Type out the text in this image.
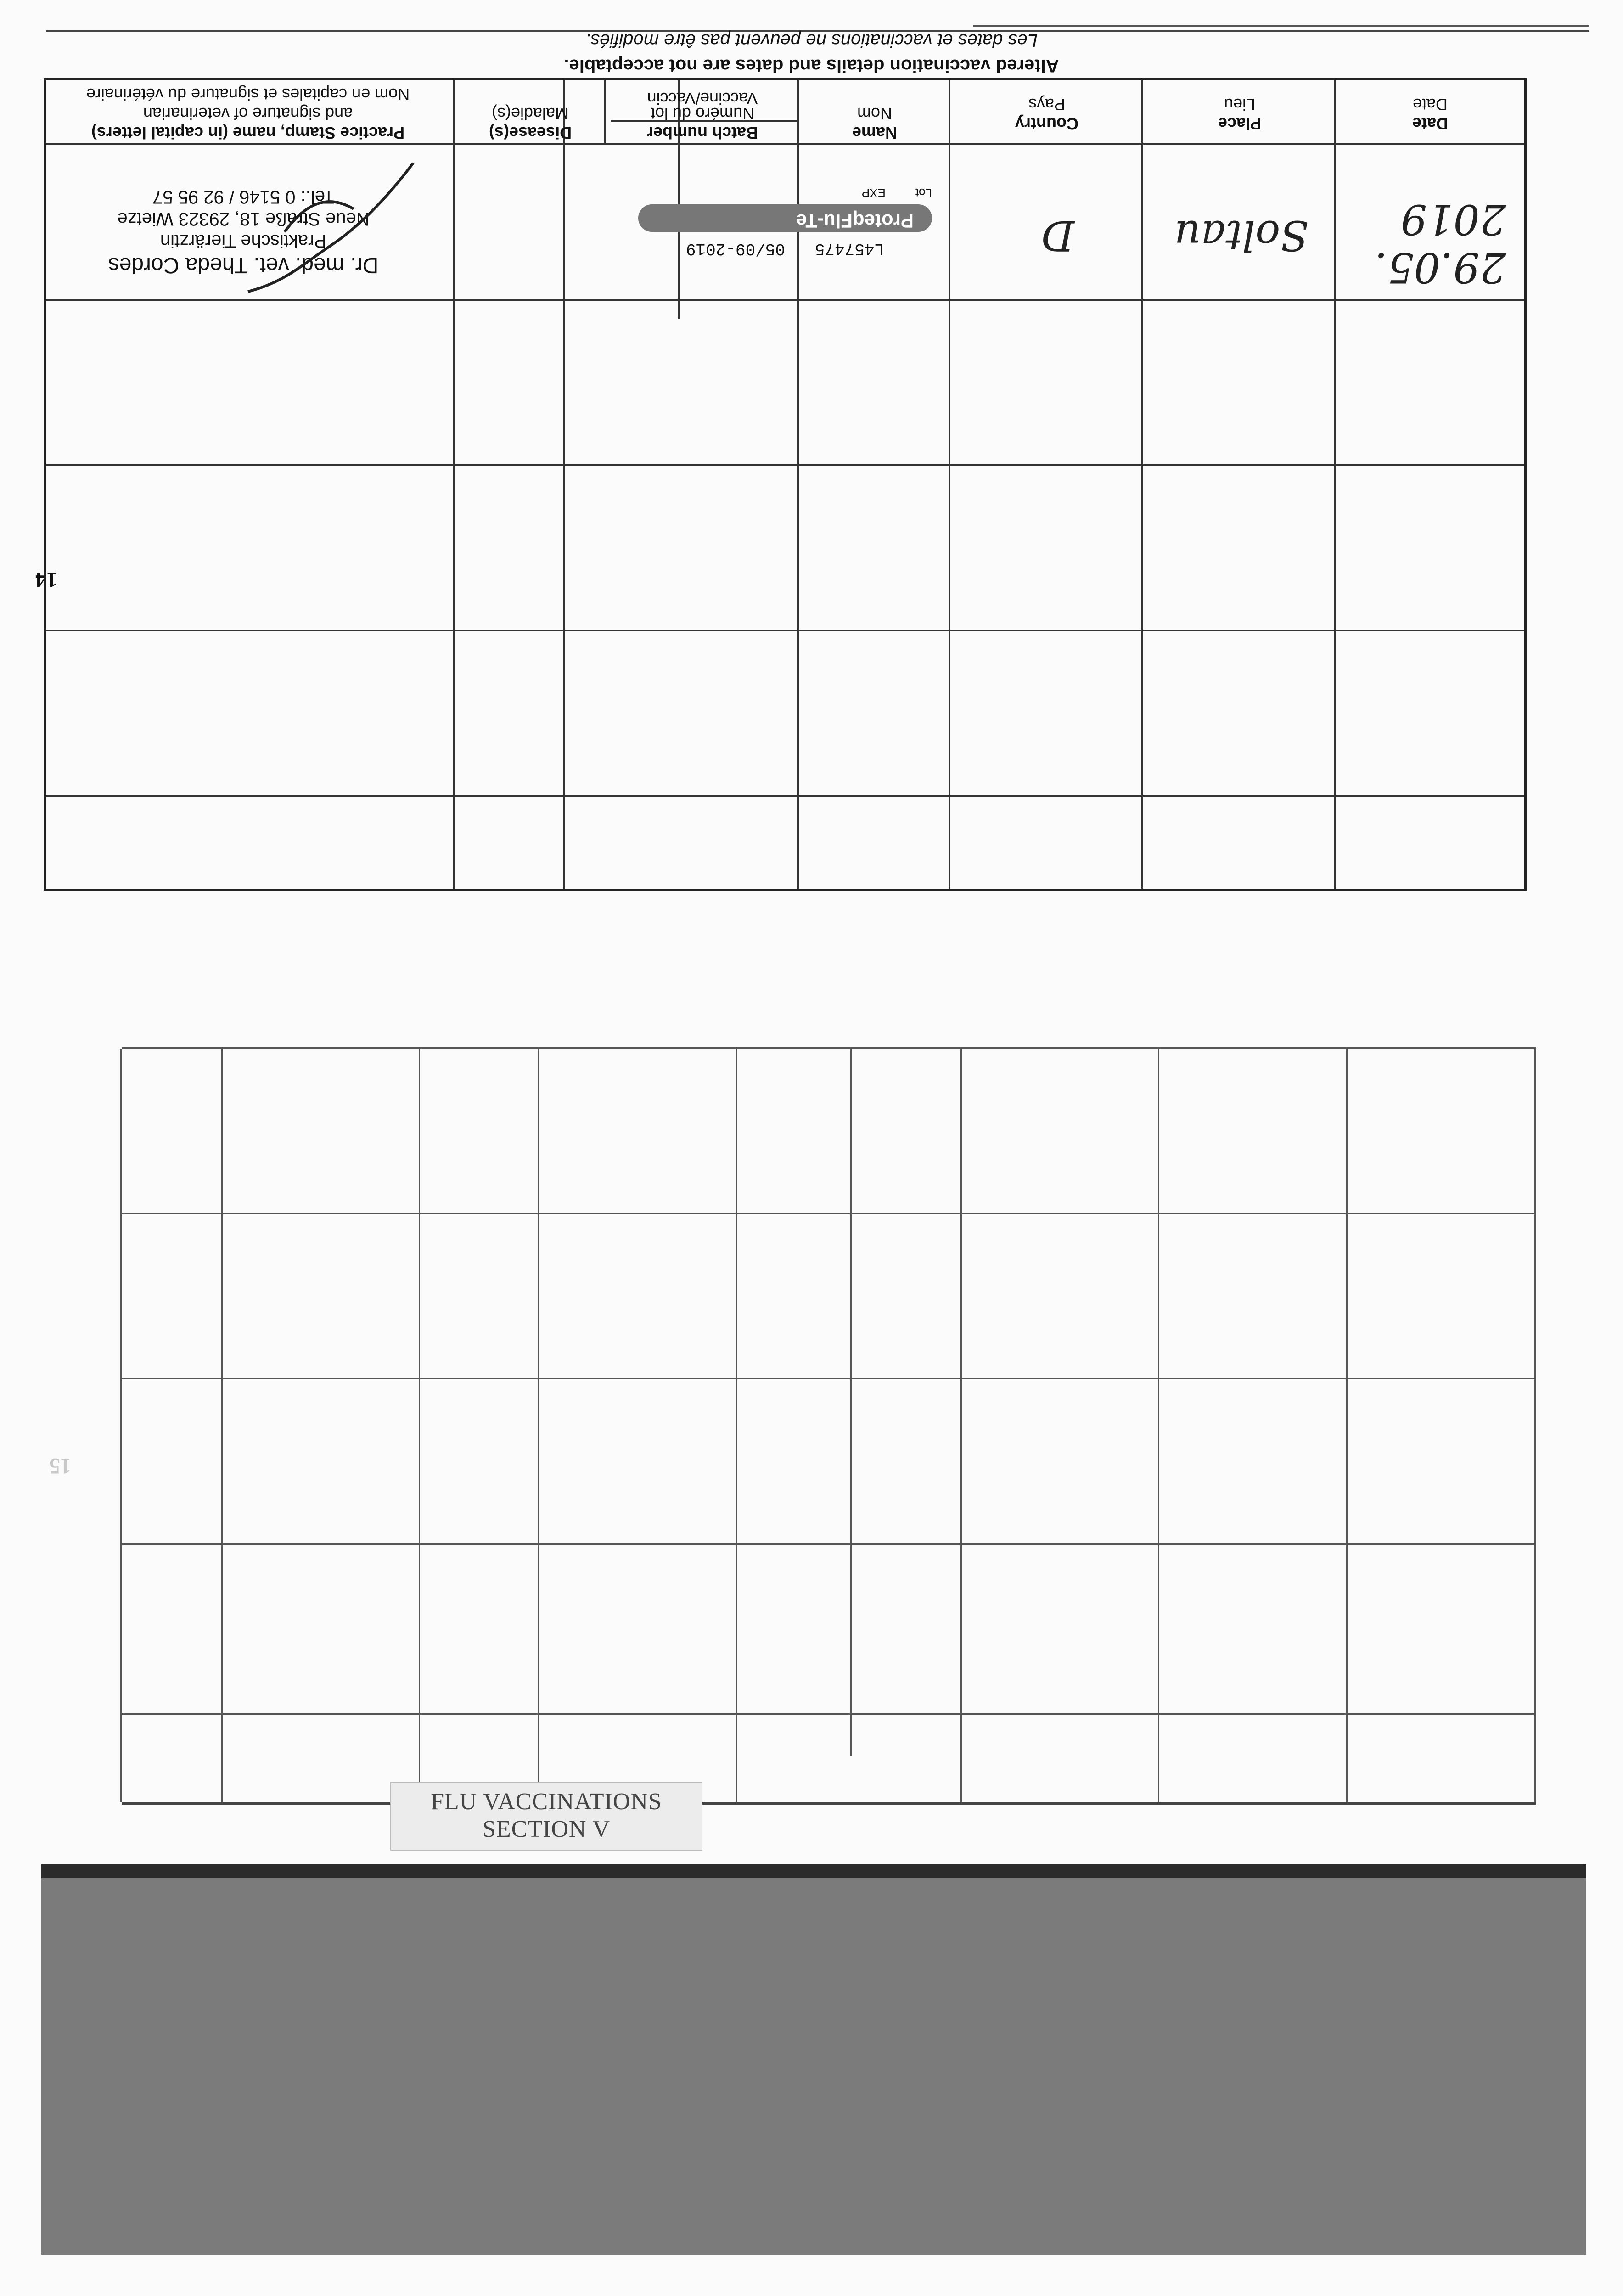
14
Altered vaccination details and dates are not acceptable.
Les dates et vaccinations ne peuvent pas être modifiés.
Date
Date
Place
Lieu
Country
Pays
Vaccine/Vaccin
Name
Nom
Batch number
Numéro du lot
Disease(s)
Maladie(s)
Practice Stamp, name (in capital letters)
and signature of veterinarian
Nom en capitales et signature du vétérinaire
29.05.
2019
Soltau
D
ProteqFlu-Te
Lot         EXP
L457475   05/09-2019
Dr. med. vet. Theda Cordes
Praktische Tierärztin
Neue Straße 18, 29323 Wietze
Tel.: 0 5146 / 92 95 57
15
FLU VACCINATIONS
SECTION V
